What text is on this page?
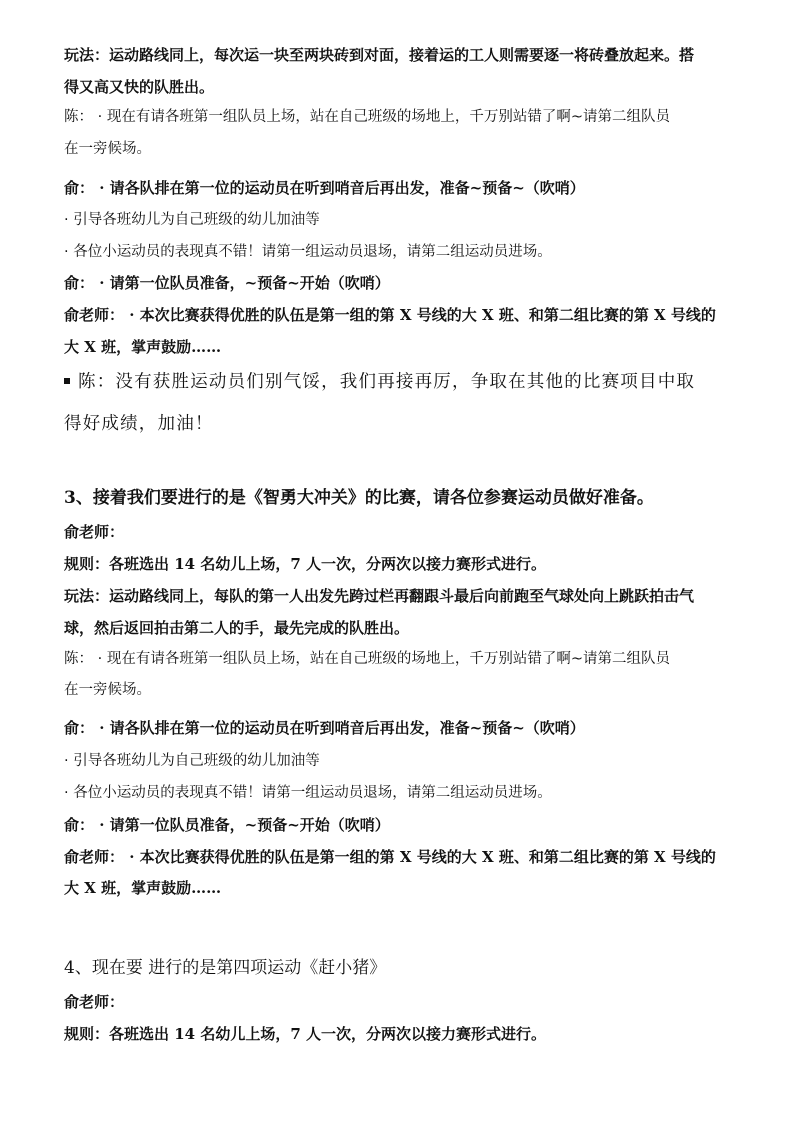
玩法：运动路线同上，每次运一块至两块砖到对面，接着运的工人则需要逐一将砖叠放起来。搭

得又高又快的队胜出。

陈： · 现在有请各班第一组队员上场，站在自己班级的场地上，千万别站错了啊~请第二组队员

在一旁候场。

俞： · 请各队排在第一位的运动员在听到哨音后再出发，准备~预备~（吹哨）

· 引导各班幼儿为自己班级的幼儿加油等

· 各位小运动员的表现真不错！请第一组运动员退场，请第二组运动员进场。

俞： · 请第一位队员准备，~预备~开始（吹哨）

俞老师： · 本次比赛获得优胜的队伍是第一组的第 X 号线的大 X 班、和第二组比赛的第 X 号线的

大 X 班，掌声鼓励……

陈：没有获胜运动员们别气馁，我们再接再厉，争取在其他的比赛项目中取

得好成绩，加油！

3、接着我们要进行的是《智勇大冲关》的比赛，请各位参赛运动员做好准备。

俞老师：

规则：各班选出 14 名幼儿上场，7 人一次，分两次以接力赛形式进行。

玩法：运动路线同上，每队的第一人出发先跨过栏再翻跟斗最后向前跑至气球处向上跳跃拍击气

球，然后返回拍击第二人的手，最先完成的队胜出。

陈： · 现在有请各班第一组队员上场，站在自己班级的场地上，千万别站错了啊~请第二组队员

在一旁候场。

俞： · 请各队排在第一位的运动员在听到哨音后再出发，准备~预备~（吹哨）

· 引导各班幼儿为自己班级的幼儿加油等

· 各位小运动员的表现真不错！请第一组运动员退场，请第二组运动员进场。

俞： · 请第一位队员准备，~预备~开始（吹哨）

俞老师： · 本次比赛获得优胜的队伍是第一组的第 X 号线的大 X 班、和第二组比赛的第 X 号线的

大 X 班，掌声鼓励……

4、现在要 进行的是第四项运动《赶小猪》

俞老师：

规则：各班选出 14 名幼儿上场，7 人一次，分两次以接力赛形式进行。
